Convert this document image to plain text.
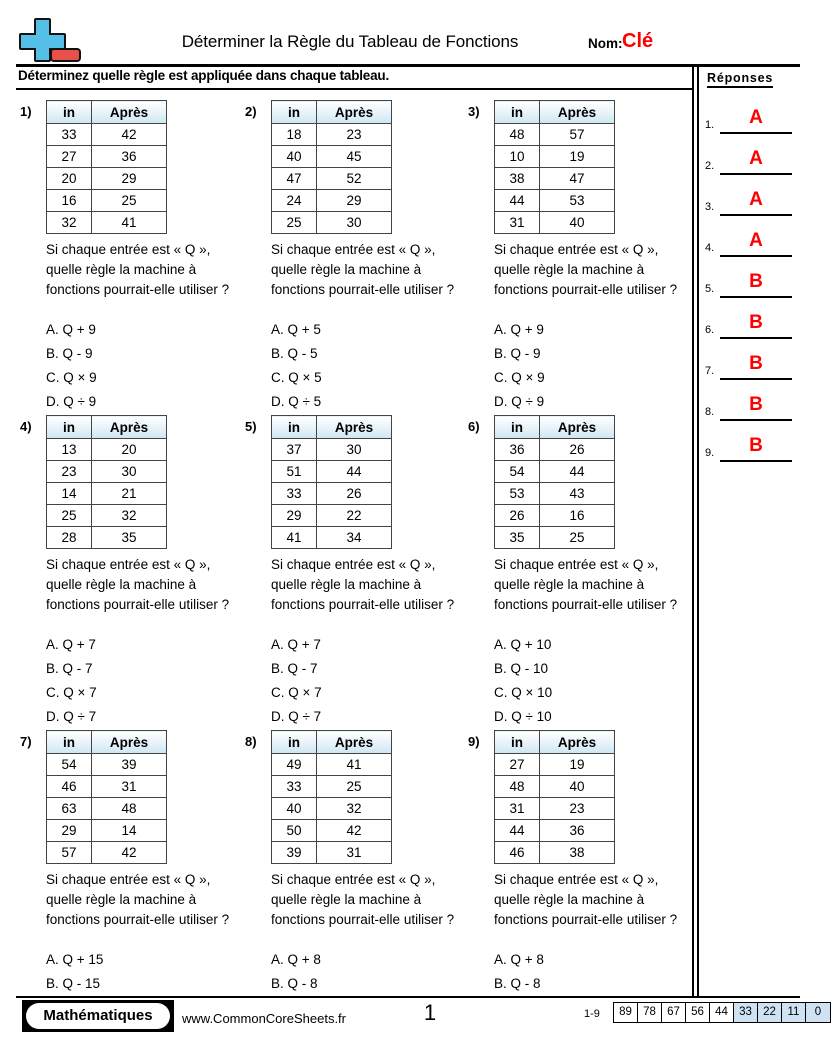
Déterminer la Règle du Tableau de Fonctions	Nom: Clé
Déterminez quelle règle est appliquée dans chaque tableau.	Réponses
1.	A
2.	A
3.	A
4.	A
5.	B
6.	B
7.	B
8.	B
9.	B
1) in	Après
33	42
27	36
20	29
16	25
32	41
Si chaque entrée est « Q », quelle règle la machine à fonctions pourrait-elle utiliser ?
A. Q + 9
B. Q - 9
C. Q × 9
D. Q ÷ 9
2) in	Après
18	23
40	45
47	52
24	29
25	30
Si chaque entrée est « Q », quelle règle la machine à fonctions pourrait-elle utiliser ?
A. Q + 5
B. Q - 5
C. Q × 5
D. Q ÷ 5
3) in	Après
48	57
10	19
38	47
44	53
31	40
Si chaque entrée est « Q », quelle règle la machine à fonctions pourrait-elle utiliser ?
A. Q + 9
B. Q - 9
C. Q × 9
D. Q ÷ 9
4) in	Après
13	20
23	30
14	21
25	32
28	35
Si chaque entrée est « Q », quelle règle la machine à fonctions pourrait-elle utiliser ?
A. Q + 7
B. Q - 7
C. Q × 7
D. Q ÷ 7
5) in	Après
37	30
51	44
33	26
29	22
41	34
Si chaque entrée est « Q », quelle règle la machine à fonctions pourrait-elle utiliser ?
A. Q + 7
B. Q - 7
C. Q × 7
D. Q ÷ 7
6) in	Après
36	26
54	44
53	43
26	16
35	25
Si chaque entrée est « Q », quelle règle la machine à fonctions pourrait-elle utiliser ?
A. Q + 10
B. Q - 10
C. Q × 10
D. Q ÷ 10
7) in	Après
54	39
46	31
63	48
29	14
57	42
Si chaque entrée est « Q », quelle règle la machine à fonctions pourrait-elle utiliser ?
A. Q + 15
B. Q - 15
8) in	Après
49	41
33	25
40	32
50	42
39	31
Si chaque entrée est « Q », quelle règle la machine à fonctions pourrait-elle utiliser ?
A. Q + 8
B. Q - 8
9) in	Après
27	19
48	40
31	23
44	36
46	38
Si chaque entrée est « Q », quelle règle la machine à fonctions pourrait-elle utiliser ?
A. Q + 8
B. Q - 8
Mathématiques	www.CommonCoreSheets.fr	1	1-9	89 78 67 56 44 33 22	11	0
